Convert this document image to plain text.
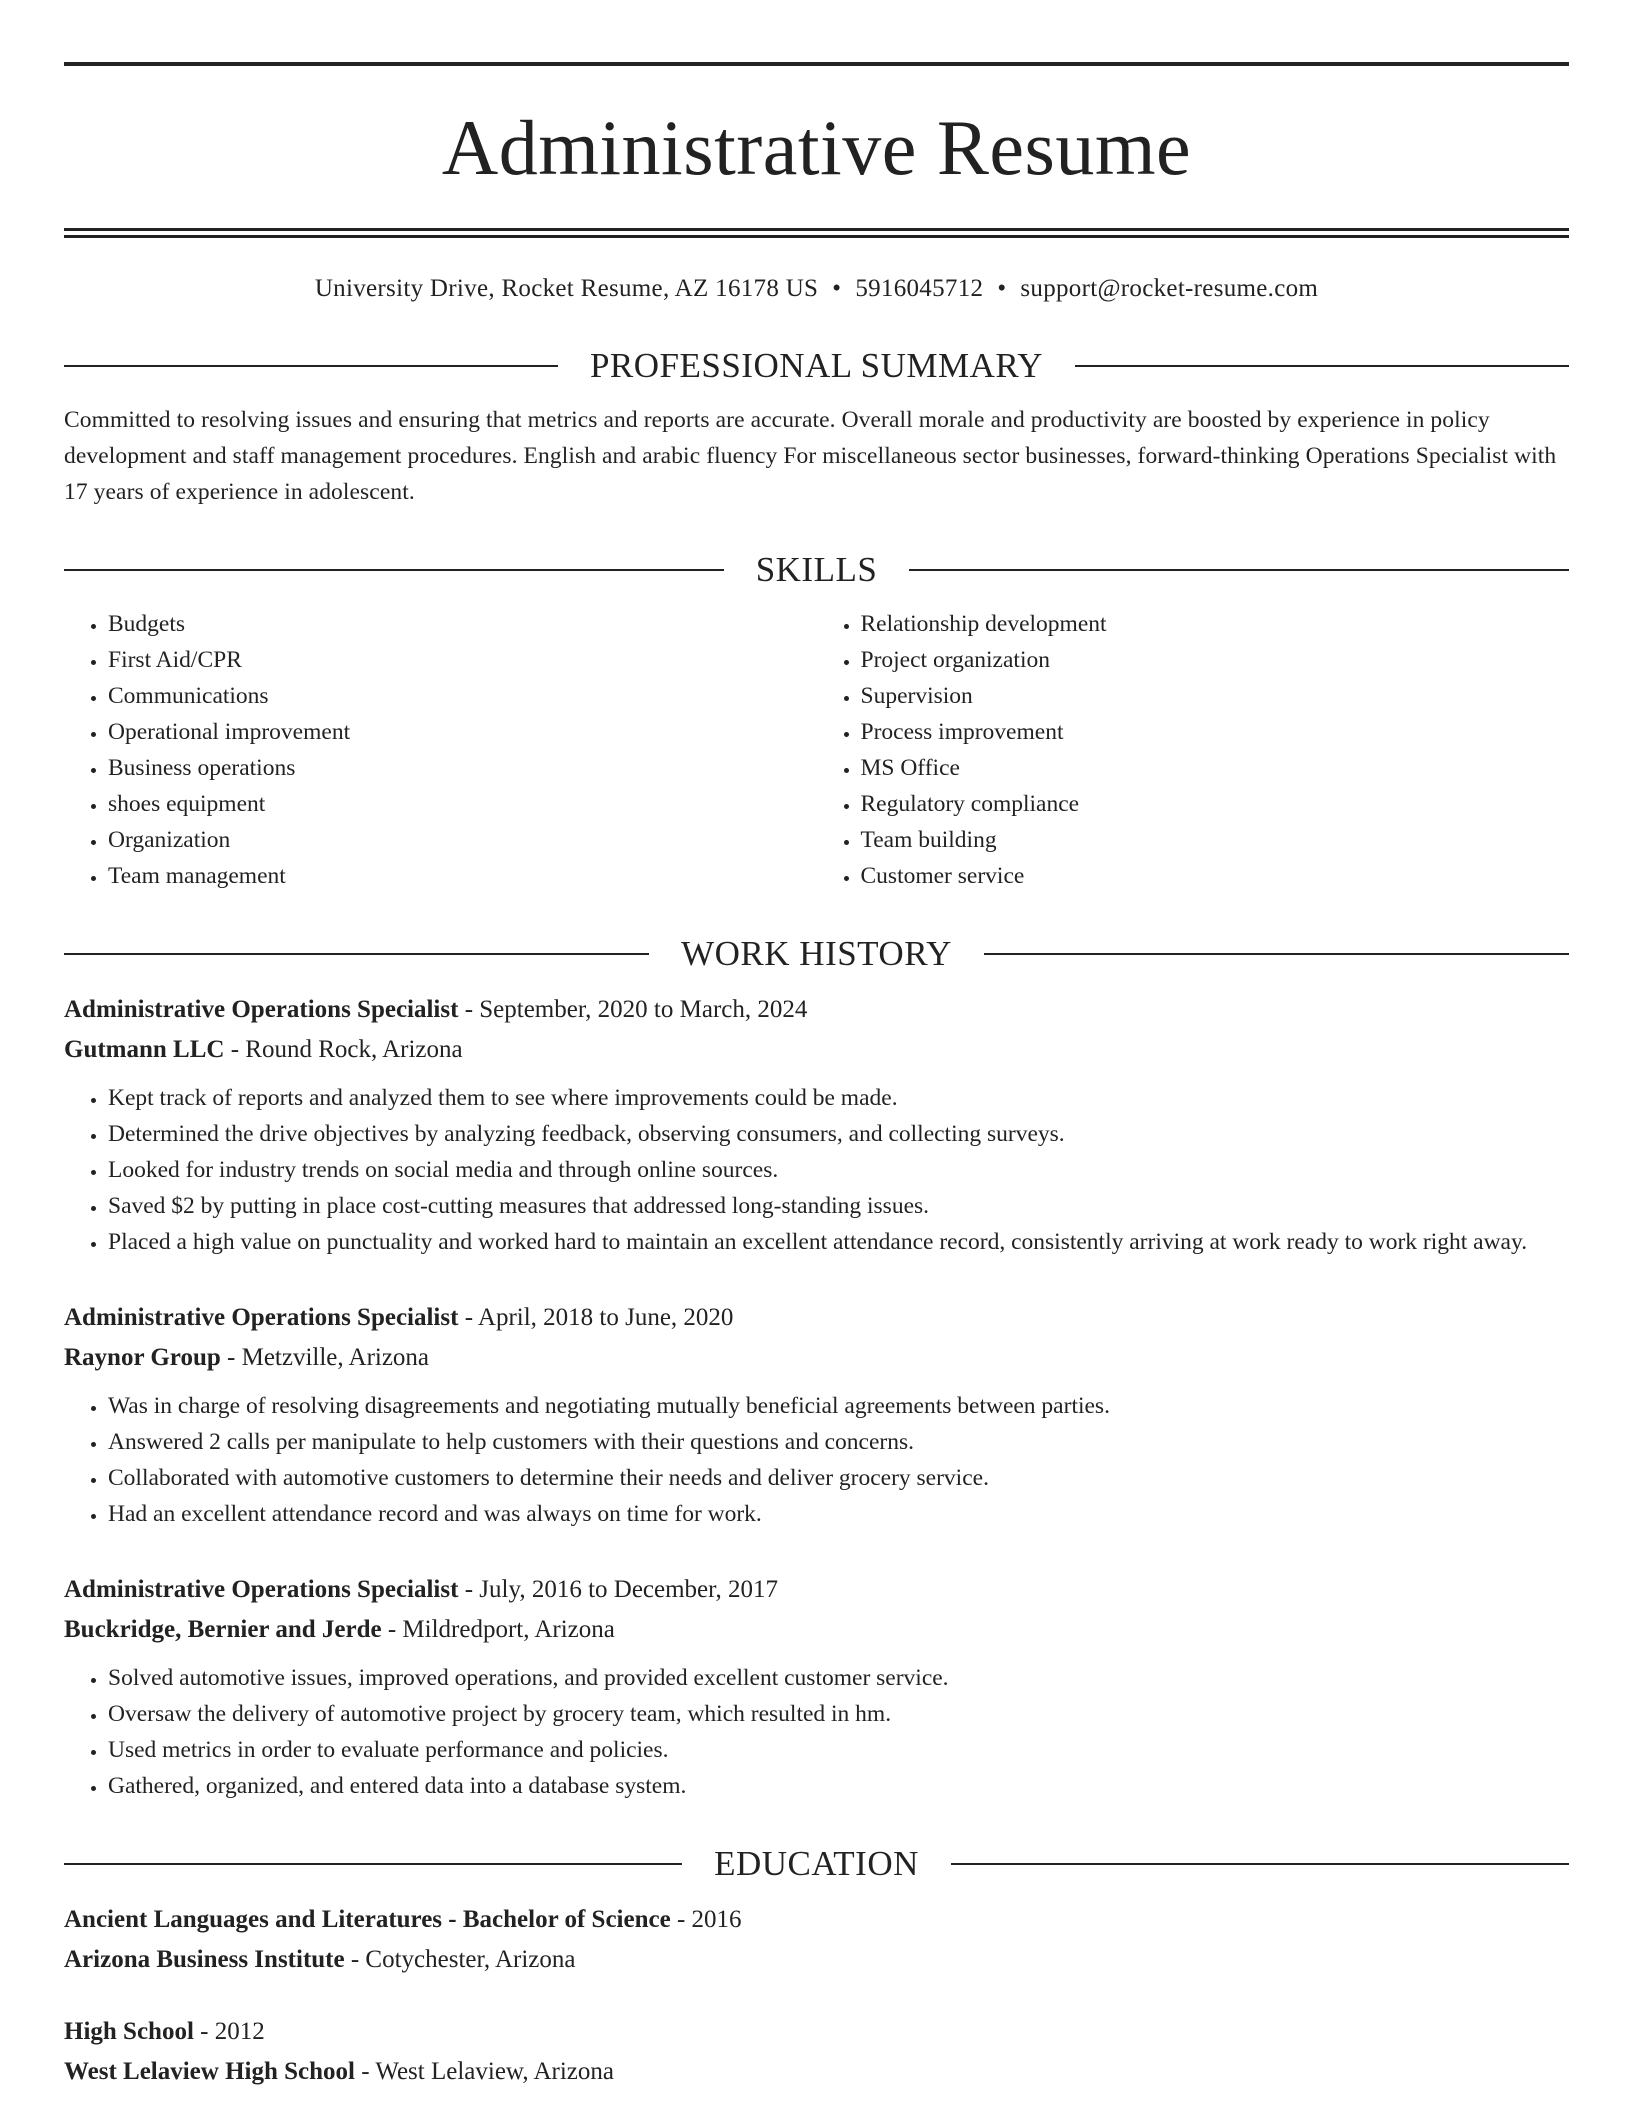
Administrative Resume
University Drive, Rocket Resume, AZ 16178 US • 5916045712 • support@rocket-resume.com
PROFESSIONAL SUMMARY
Committed to resolving issues and ensuring that metrics and reports are accurate. Overall morale and productivity are boosted by experience in policy development and staff management procedures. English and arabic fluency For miscellaneous sector businesses, forward-thinking Operations Specialist with 17 years of experience in adolescent.
SKILLS
• Budgets
• First Aid/CPR
• Communications
• Operational improvement
• Business operations
• shoes equipment
• Organization
• Team management
• Relationship development
• Project organization
• Supervision
• Process improvement
• MS Office
• Regulatory compliance
• Team building
• Customer service
WORK HISTORY
Administrative Operations Specialist - September, 2020 to March, 2024
Gutmann LLC - Round Rock, Arizona
• Kept track of reports and analyzed them to see where improvements could be made.
• Determined the drive objectives by analyzing feedback, observing consumers, and collecting surveys.
• Looked for industry trends on social media and through online sources.
• Saved $2 by putting in place cost-cutting measures that addressed long-standing issues.
• Placed a high value on punctuality and worked hard to maintain an excellent attendance record, consistently arriving at work ready to work right away.
Administrative Operations Specialist - April, 2018 to June, 2020
Raynor Group - Metzville, Arizona
• Was in charge of resolving disagreements and negotiating mutually beneficial agreements between parties.
• Answered 2 calls per manipulate to help customers with their questions and concerns.
• Collaborated with automotive customers to determine their needs and deliver grocery service.
• Had an excellent attendance record and was always on time for work.
Administrative Operations Specialist - July, 2016 to December, 2017
Buckridge, Bernier and Jerde - Mildredport, Arizona
• Solved automotive issues, improved operations, and provided excellent customer service.
• Oversaw the delivery of automotive project by grocery team, which resulted in hm.
• Used metrics in order to evaluate performance and policies.
• Gathered, organized, and entered data into a database system.
EDUCATION
Ancient Languages and Literatures - Bachelor of Science - 2016
Arizona Business Institute - Cotychester, Arizona
High School - 2012
West Lelaview High School - West Lelaview, Arizona
